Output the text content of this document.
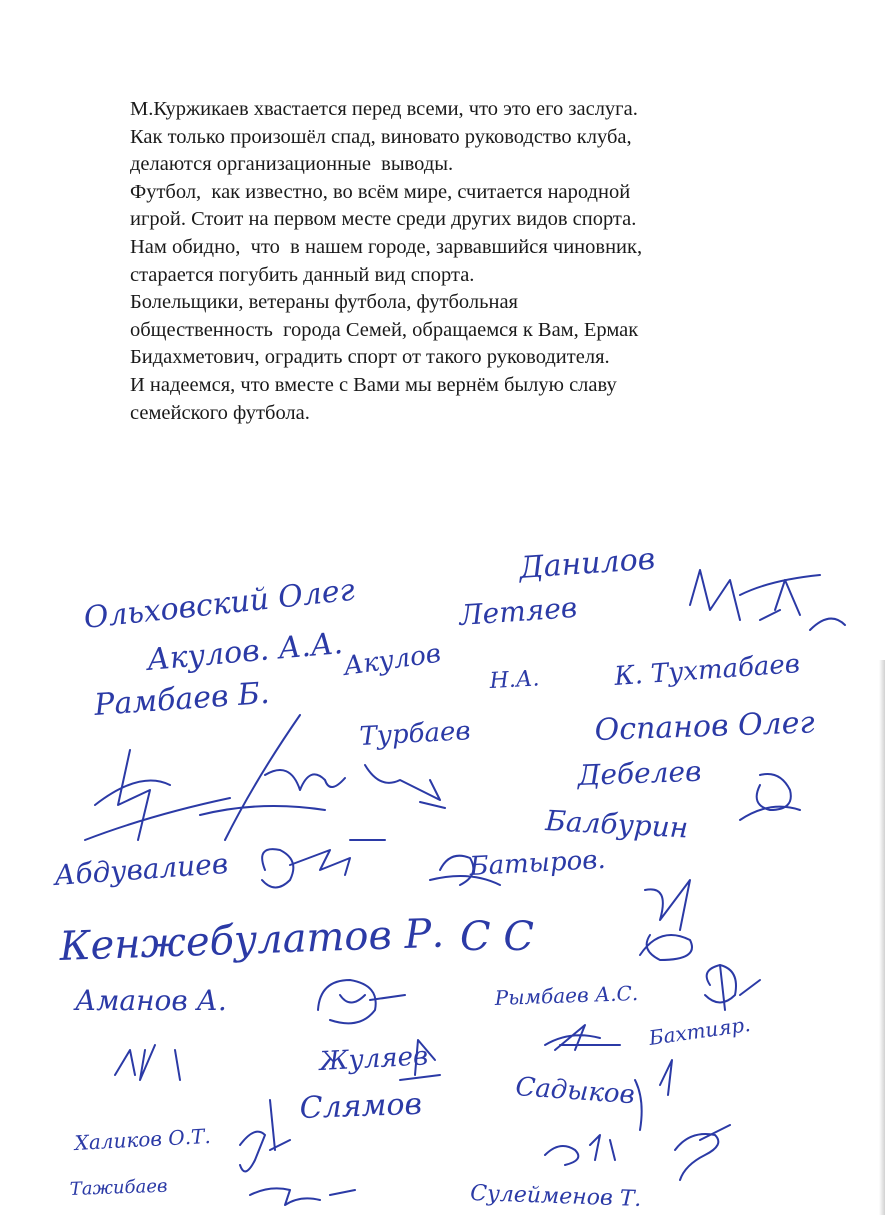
М.Куржикаев хвастается перед всеми, что это его заслуга.
Как только произошёл спад, виновато руководство клуба,
делаются организационные  выводы.
Футбол,  как известно, во всём мире, считается народной
игрой. Стоит на первом месте среди других видов спорта.
Нам обидно,  что  в нашем городе, зарвавшийся чиновник,
старается погубить данный вид спорта.
Болельщики, ветераны футбола, футбольная
общественность  города Семей, обращаемся к Вам, Ермак
Бидахметович, оградить спорт от такого руководителя.
И надеемся, что вместе с Вами мы вернём былую славу
семейского футбола.
Ольховский Олег
Акулов. А.А.
Акулов
Рамбаев Б.
Данилов
Летяев
Н.А.	К. Тухтабаев
Турбаев	Оспанов Олег
Дебелев
Балбурин
Абдувалиев	Батыров.
Кенжебулатов Р. С С
Аманов А.	Рымбаев А.С.
Бахтияр.
Жуляев
Слямов	Садыков
Халиков О.Т.
Тажибаев	Сулейменов Т.
